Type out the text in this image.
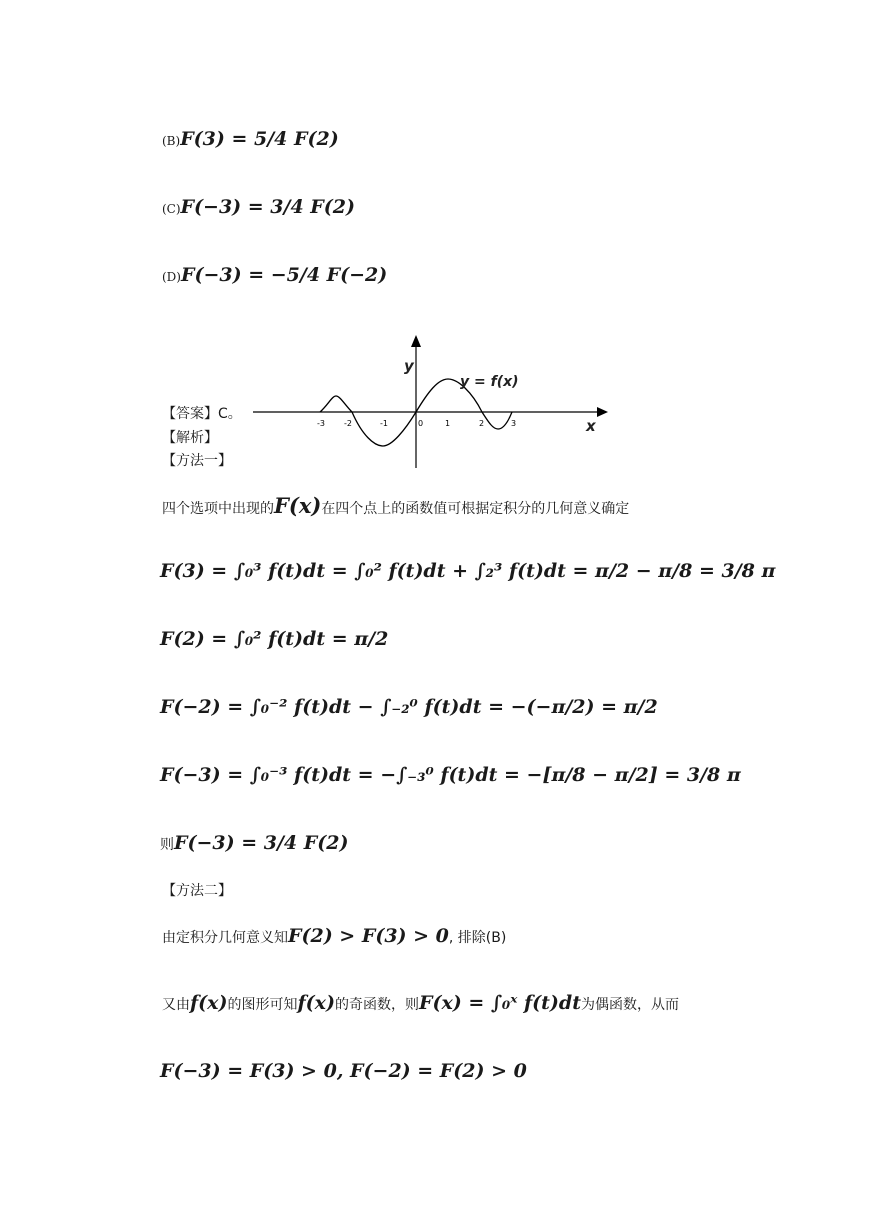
(B)F(3) = 5/4 F(2)
(C)F(−3) = 3/4 F(2)
(D)F(−3) = −5/4 F(−2)
y
x
y = f(x)
-3 -2	-1	0	1	2	3
【答案】C。
【解析】
【方法一】
四个选项中出现的F(x)在四个点上的函数值可根据定积分的几何意义确定
F(3) = ∫₀³ f(t)dt = ∫₀² f(t)dt + ∫₂³ f(t)dt = π/2 − π/8 = 3/8 π
F(2) = ∫₀² f(t)dt = π/2
F(−2) = ∫₀⁻² f(t)dt − ∫₋₂⁰ f(t)dt = −(−π/2) = π/2
F(−3) = ∫₀⁻³ f(t)dt = −∫₋₃⁰ f(t)dt = −[π/8 − π/2] = 3/8 π
则F(−3) = 3/4 F(2)
【方法二】
由定积分几何意义知F(2) > F(3) > 0, 排除(B)
又由f(x)的图形可知f(x)的奇函数，则F(x) = ∫₀ˣ f(t)dt为偶函数，从而
F(−3) = F(3) > 0, F(−2) = F(2) > 0
